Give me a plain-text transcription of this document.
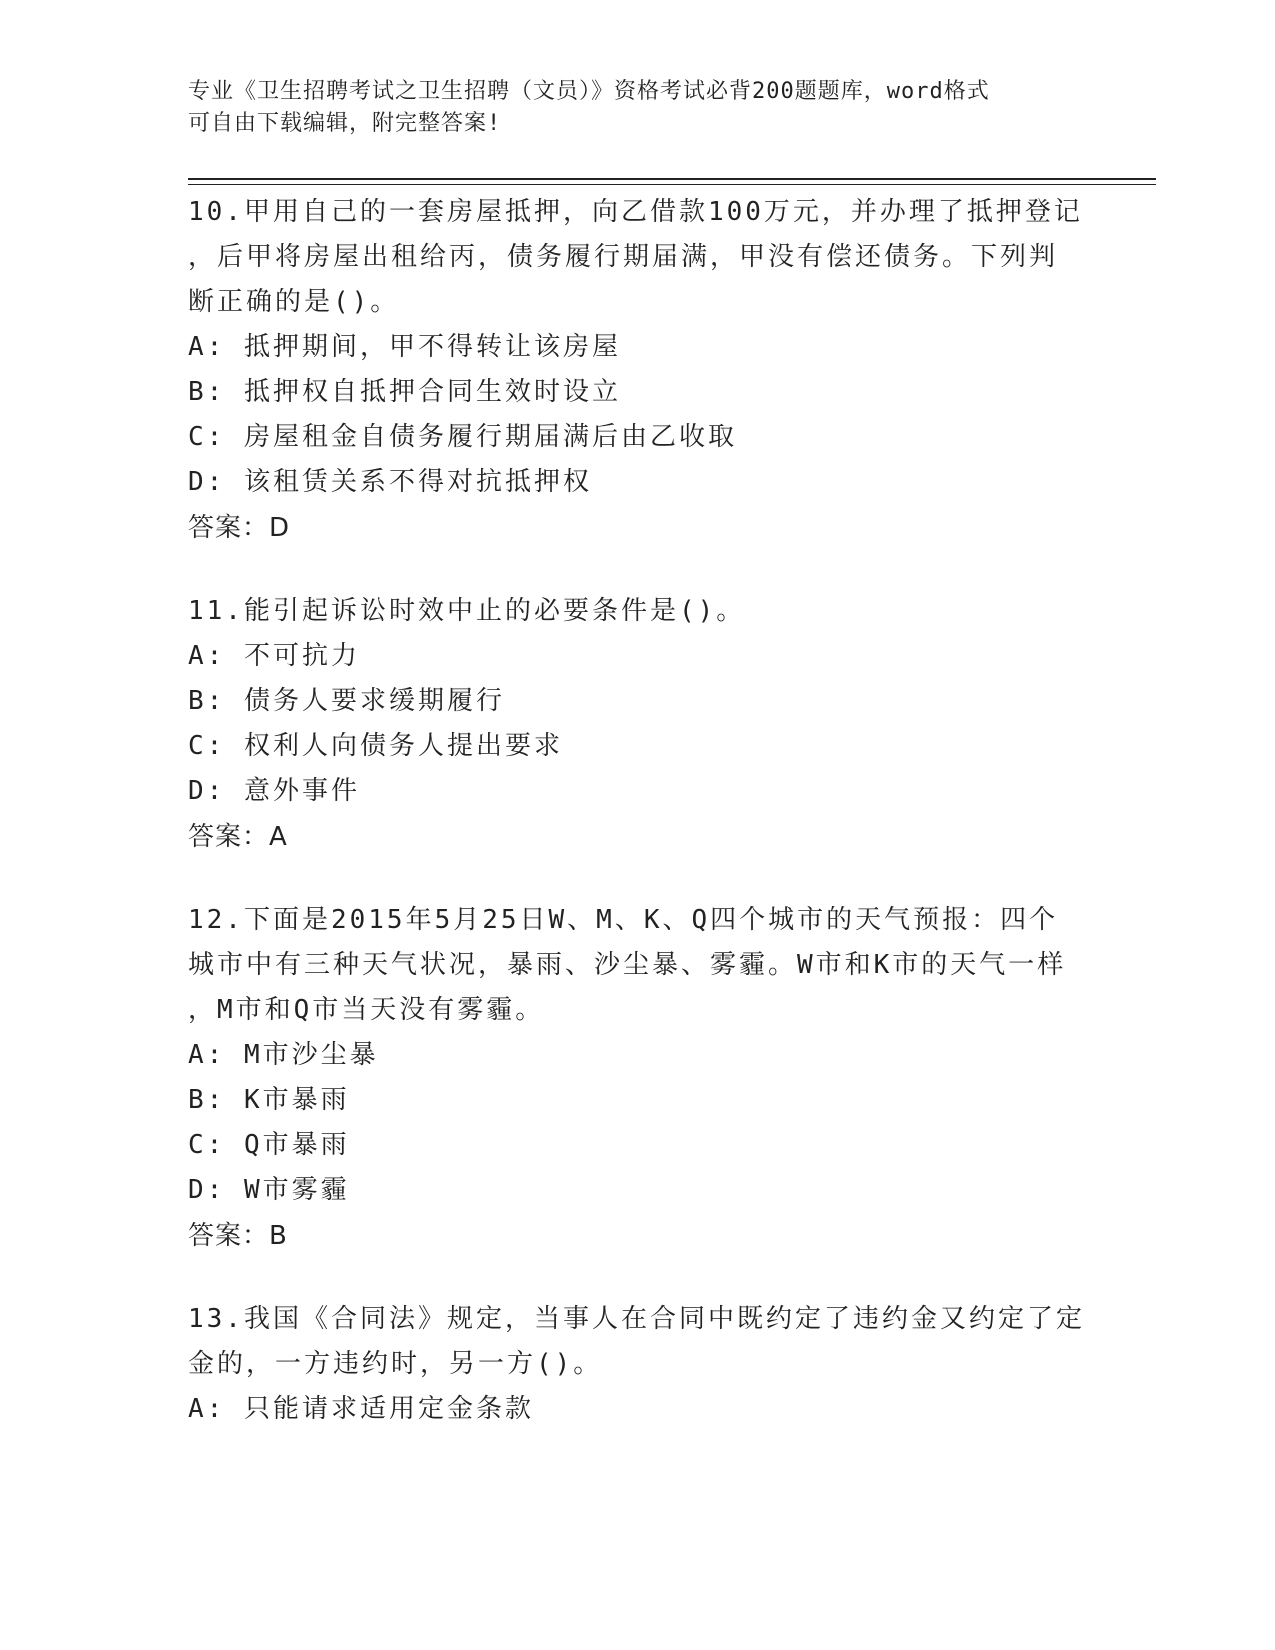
专业《卫生招聘考试之卫生招聘（文员）》资格考试必背200题题库，word格式
可自由下载编辑，附完整答案!

10.甲用自己的一套房屋抵押，向乙借款100万元，并办理了抵押登记

，后甲将房屋出租给丙，债务履行期届满，甲没有偿还债务。下列判

断正确的是()。

A: 抵押期间，甲不得转让该房屋

B: 抵押权自抵押合同生效时设立

C: 房屋租金自债务履行期届满后由乙收取

D: 该租赁关系不得对抗抵押权

答案：D

11.能引起诉讼时效中止的必要条件是()。

A: 不可抗力

B: 债务人要求缓期履行

C: 权利人向债务人提出要求

D: 意外事件

答案：A

12.下面是2015年5月25日W、M、K、Q四个城市的天气预报：四个

城市中有三种天气状况，暴雨、沙尘暴、雾霾。W市和K市的天气一样

，M市和Q市当天没有雾霾。

A: M市沙尘暴

B: K市暴雨

C: Q市暴雨

D: W市雾霾

答案：B

13.我国《合同法》规定，当事人在合同中既约定了违约金又约定了定

金的，一方违约时，另一方()。

A: 只能请求适用定金条款
